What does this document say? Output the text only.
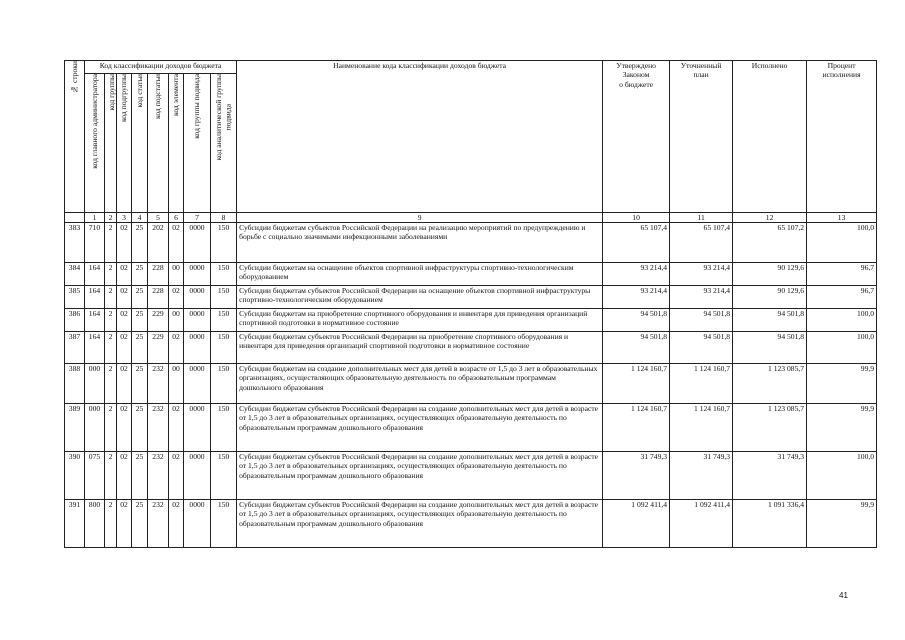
№ строки	Код классификации доходов бюджета								Наименование кода классификации доходов бюджета	Утверждено
Законом
о бюджете	Уточненный
план	Исполнено	Процент
исполнения

	код главного администратора	код группы	код подгруппы	код статьи	код подстатьи	код элемента	код группы подвида	код аналитической группы
подвида					

	1	2	3	4	5	6	7	8	9	10	11	12	13
383	710	2	02	25	202	02	0000	150	Субсидии бюджетам субъектов Российской Федерации на реализацию мероприятий по предупреждению и борьбе с социально значимыми инфекционными заболеваниями	65 107,4	65 107,4	65 107,2	100,0
384	164	2	02	25	228	00	0000	150	Субсидии бюджетам на оснащение объектов спортивной инфраструктуры спортивно-технологическим оборудованием	93 214,4	93 214,4	90 129,6	96,7
385	164	2	02	25	228	02	0000	150	Субсидии бюджетам субъектов Российской Федерации на оснащение объектов спортивной инфраструктуры спортивно-технологическим оборудованием	93 214,4	93 214,4	90 129,6	96,7
386	164	2	02	25	229	00	0000	150	Субсидии бюджетам на приобретение спортивного оборудования и инвентаря для приведения организаций спортивной подготовки в нормативное состояние	94 501,8	94 501,8	94 501,8	100,0
387	164	2	02	25	229	02	0000	150	Субсидии бюджетам субъектов Российской Федерации на приобретение спортивного оборудования и инвентаря для приведения организаций спортивной подготовки в нормативное состояние	94 501,8	94 501,8	94 501,8	100,0
388	000	2	02	25	232	00	0000	150	Субсидии бюджетам на создание дополнительных мест для детей в возрасте от 1,5 до 3 лет в образовательных организациях, осуществляющих образовательную деятельность по образовательным программам дошкольного образования	1 124 160,7	1 124 160,7	1 123 085,7	99,9
389	000	2	02	25	232	02	0000	150	Субсидии бюджетам субъектов Российской Федерации на создание дополнительных мест для детей в возрасте от 1,5 до 3 лет в образовательных организациях, осуществляющих образовательную деятельность по образовательным программам дошкольного образования	1 124 160,7	1 124 160,7	1 123 085,7	99,9
390	075	2	02	25	232	02	0000	150	Субсидии бюджетам субъектов Российской Федерации на создание дополнительных мест для детей в возрасте от 1,5 до 3 лет в образовательных организациях, осуществляющих образовательную деятельность по образовательным программам дошкольного образования	31 749,3	31 749,3	31 749,3	100,0
391	800	2	02	25	232	02	0000	150	Субсидии бюджетам субъектов Российской Федерации на создание дополнительных мест для детей в возрасте от 1,5 до 3 лет в образовательных организациях, осуществляющих образовательную деятельность по образовательным программам дошкольного образования	1 092 411,4	1 092 411,4	1 091 336,4	99,9
41
